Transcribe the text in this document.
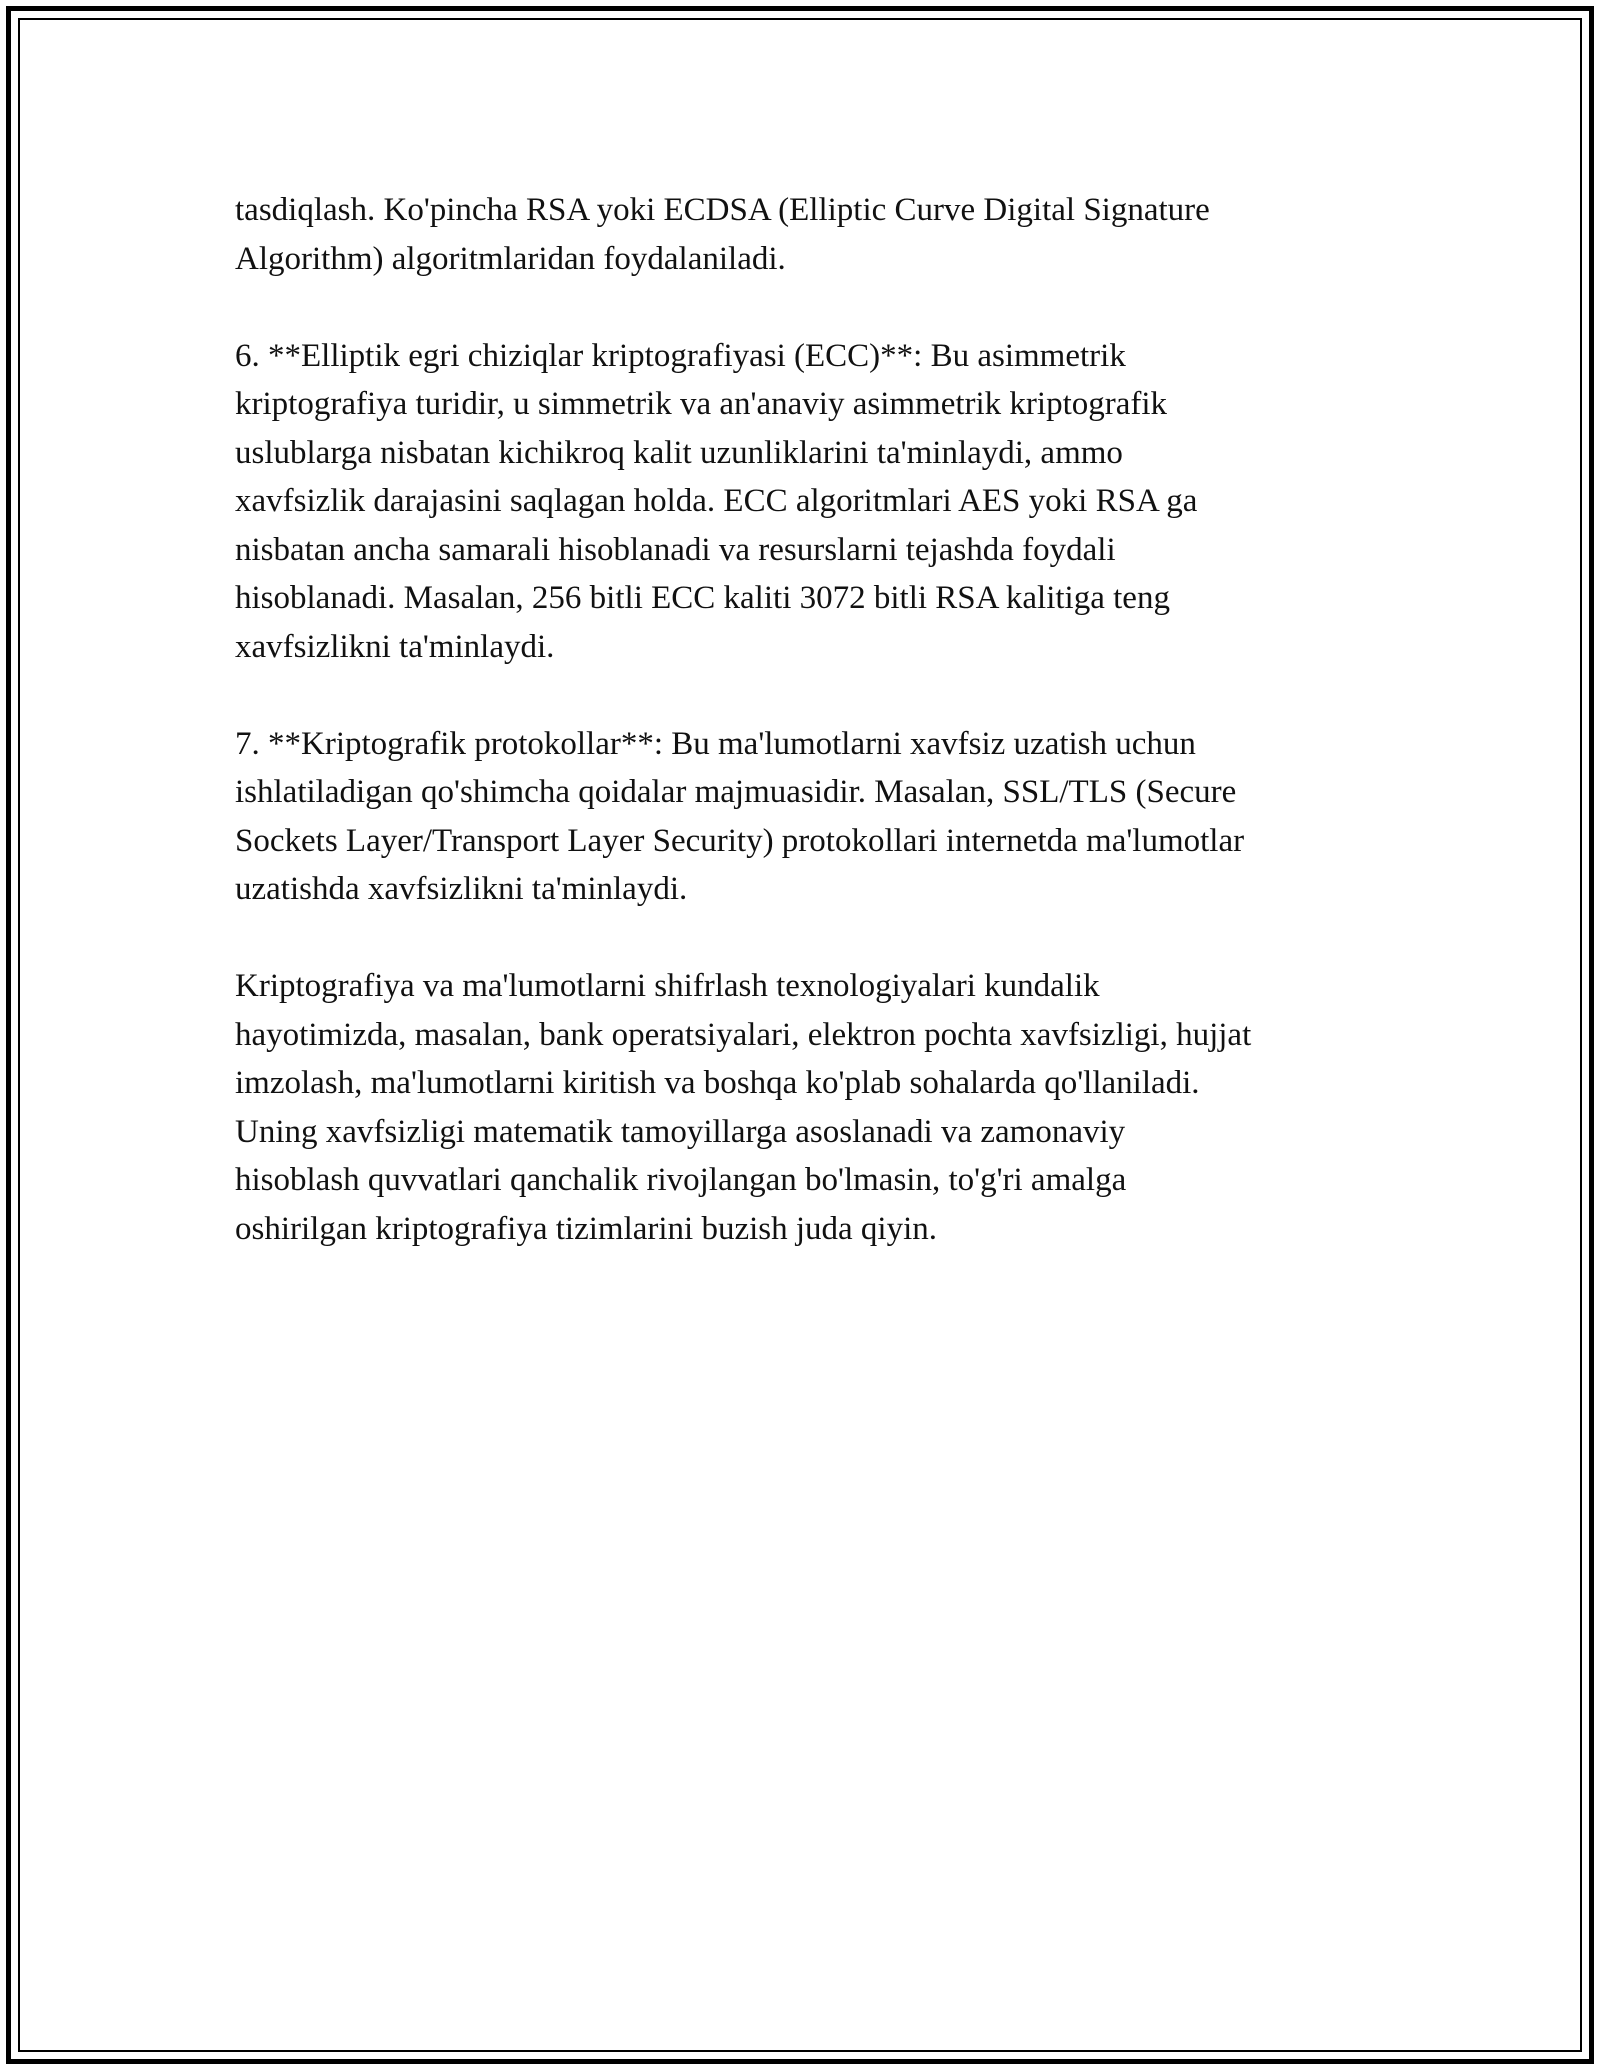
tasdiqlash. Ko'pincha RSA yoki ECDSA (Elliptic Curve Digital Signature
Algorithm) algoritmlaridan foydalaniladi.

6. **Elliptik egri chiziqlar kriptografiyasi (ECC)**: Bu asimmetrik
kriptografiya turidir, u simmetrik va an'anaviy asimmetrik kriptografik
uslublarga nisbatan kichikroq kalit uzunliklarini ta'minlaydi, ammo
xavfsizlik darajasini saqlagan holda. ECC algoritmlari AES yoki RSA ga
nisbatan ancha samarali hisoblanadi va resurslarni tejashda foydali
hisoblanadi. Masalan, 256 bitli ECC kaliti 3072 bitli RSA kalitiga teng
xavfsizlikni ta'minlaydi.

7. **Kriptografik protokollar**: Bu ma'lumotlarni xavfsiz uzatish uchun
ishlatiladigan qo'shimcha qoidalar majmuasidir. Masalan, SSL/TLS (Secure
Sockets Layer/Transport Layer Security) protokollari internetda ma'lumotlar
uzatishda xavfsizlikni ta'minlaydi.

Kriptografiya va ma'lumotlarni shifrlash texnologiyalari kundalik
hayotimizda, masalan, bank operatsiyalari, elektron pochta xavfsizligi, hujjat
imzolash, ma'lumotlarni kiritish va boshqa ko'plab sohalarda qo'llaniladi.
Uning xavfsizligi matematik tamoyillarga asoslanadi va zamonaviy
hisoblash quvvatlari qanchalik rivojlangan bo'lmasin, to'g'ri amalga
oshirilgan kriptografiya tizimlarini buzish juda qiyin.
